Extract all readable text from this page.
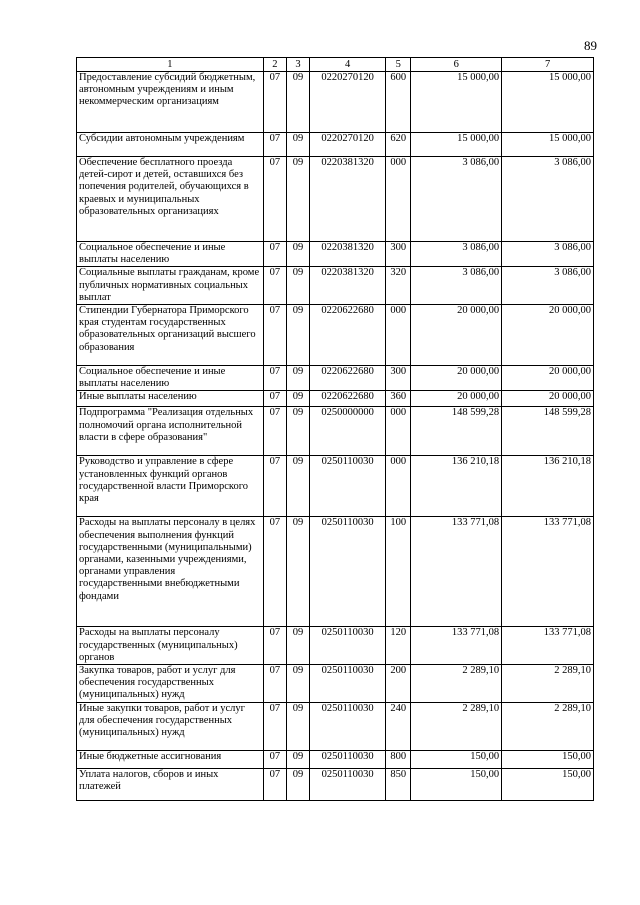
89
1	2	3	4	5	6	7
Предоставление субсидий бюджетным, автономным учреждениям и иным некоммерческим организациям	07	09	0220270120	600	15 000,00	15 000,00
Субсидии автономным учреждениям	07	09	0220270120	620	15 000,00	15 000,00
Обеспечение бесплатного проезда детей-сирот и детей, оставшихся без попечения родителей, обучающихся в краевых и муниципальных образовательных организациях	07	09	0220381320	000	3 086,00	3 086,00
Социальное обеспечение и иные выплаты населению	07	09	0220381320	300	3 086,00	3 086,00
Социальные выплаты гражданам, кроме публичных нормативных социальных выплат	07	09	0220381320	320	3 086,00	3 086,00
Стипендии Губернатора Приморского края студентам государственных образовательных организаций высшего образования	07	09	0220622680	000	20 000,00	20 000,00
Социальное обеспечение и иные выплаты населению	07	09	0220622680	300	20 000,00	20 000,00
Иные выплаты населению	07	09	0220622680	360	20 000,00	20 000,00
Подпрограмма "Реализация отдельных полномочий органа исполнительной власти в сфере образования"	07	09	0250000000	000	148 599,28	148 599,28
Руководство и управление в сфере установленных функций органов государственной власти Приморского края	07	09	0250110030	000	136 210,18	136 210,18
Расходы на выплаты персоналу в целях обеспечения выполнения функций государственными (муниципальными) органами, казенными учреждениями, органами управления государственными внебюджетными фондами	07	09	0250110030	100	133 771,08	133 771,08
Расходы на выплаты персоналу государственных (муниципальных) органов	07	09	0250110030	120	133 771,08	133 771,08
Закупка товаров, работ и услуг для обеспечения государственных (муниципальных) нужд	07	09	0250110030	200	2 289,10	2 289,10
Иные закупки товаров, работ и услуг для обеспечения государственных (муниципальных) нужд	07	09	0250110030	240	2 289,10	2 289,10
Иные бюджетные ассигнования	07	09	0250110030	800	150,00	150,00
Уплата налогов, сборов и иных платежей	07	09	0250110030	850	150,00	150,00
